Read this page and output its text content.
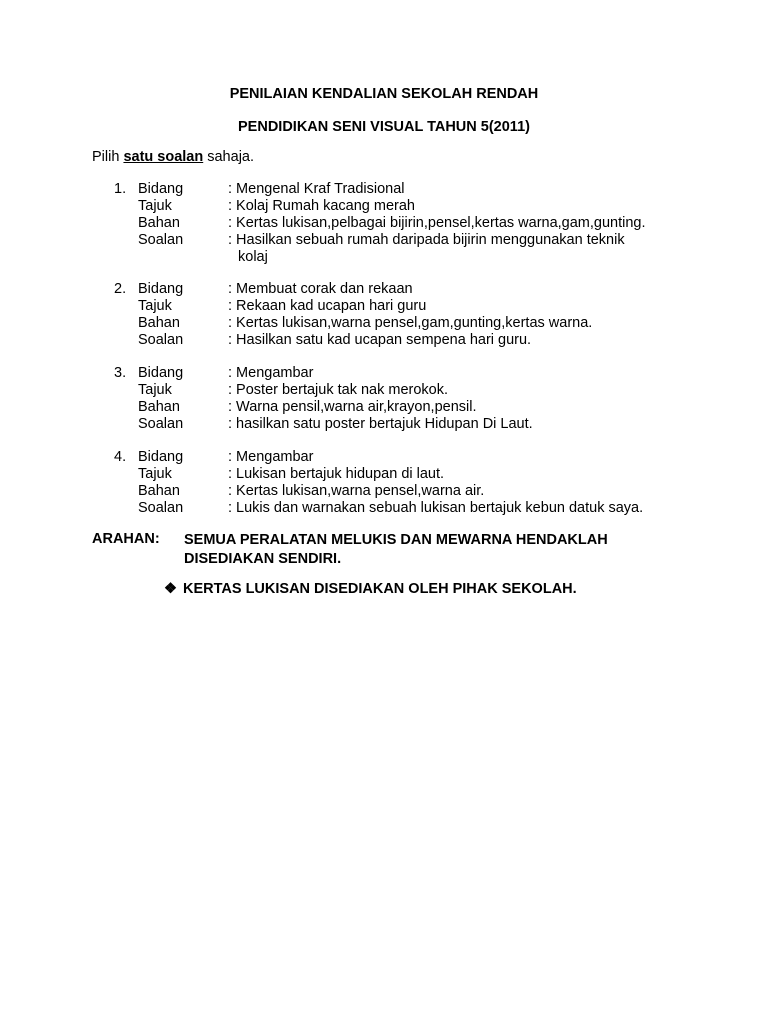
PENILAIAN KENDALIAN SEKOLAH RENDAH
PENDIDIKAN SENI VISUAL TAHUN 5(2011)
Pilih satu soalan sahaja.
1. Bidang	: Mengenal Kraf Tradisional
Tajuk	: Kolaj Rumah kacang merah
Bahan	: Kertas lukisan,pelbagai bijirin,pensel,kertas warna,gam,gunting.
Soalan	: Hasilkan sebuah rumah daripada bijirin menggunakan teknik
kolaj
2. Bidang	: Membuat corak dan rekaan
Tajuk	: Rekaan kad ucapan hari guru
Bahan	: Kertas lukisan,warna pensel,gam,gunting,kertas warna.
Soalan	: Hasilkan satu kad ucapan sempena hari guru.
3. Bidang	: Mengambar
Tajuk	: Poster bertajuk tak nak merokok.
Bahan	: Warna pensil,warna air,krayon,pensil.
Soalan	: hasilkan satu poster bertajuk Hidupan Di Laut.
4. Bidang	: Mengambar
Tajuk	: Lukisan bertajuk hidupan di laut.
Bahan	: Kertas lukisan,warna pensel,warna air.
Soalan	: Lukis dan warnakan sebuah lukisan bertajuk kebun datuk saya.
ARAHAN: SEMUA PERALATAN MELUKIS DAN MEWARNA HENDAKLAH
DISEDIAKAN SENDIRI.
❖ KERTAS LUKISAN DISEDIAKAN OLEH PIHAK SEKOLAH.
